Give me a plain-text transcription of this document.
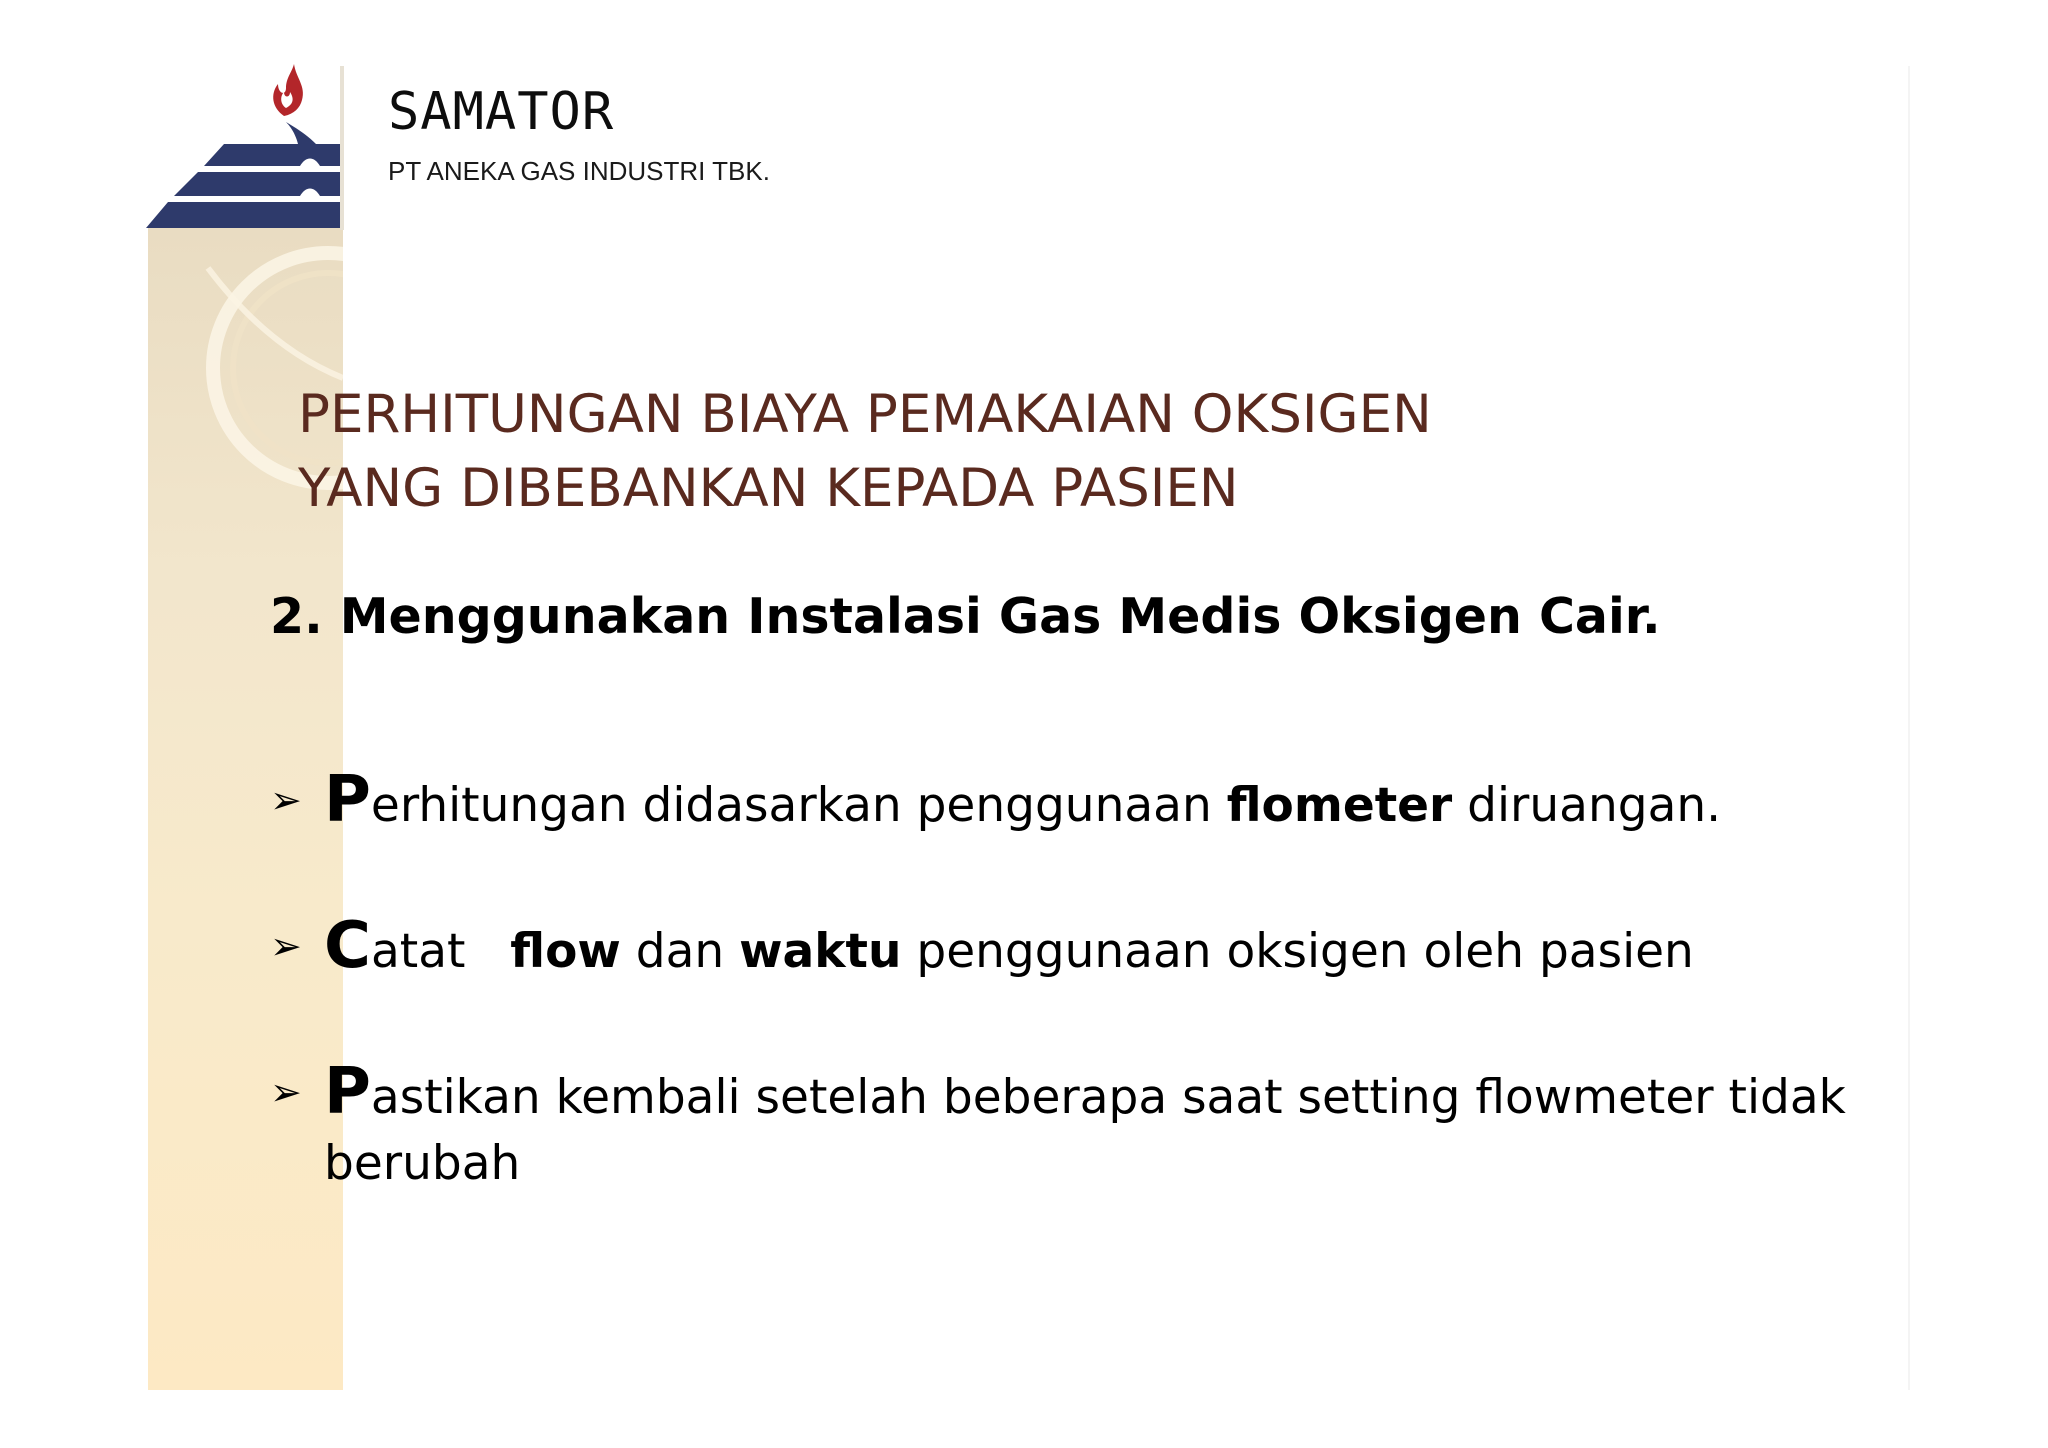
SAMATOR
PT ANEKA GAS INDUSTRI TBK.
PERHITUNGAN BIAYA PEMAKAIAN OKSIGEN
YANG DIBEBANKAN KEPADA PASIEN
2. Menggunakan Instalasi Gas Medis Oksigen Cair.
➢ Perhitungan didasarkan penggunaan flometer diruangan.
➢ Catat   flow dan waktu penggunaan oksigen oleh pasien
➢ Pastikan kembali setelah beberapa saat setting flowmeter tidak
berubah
